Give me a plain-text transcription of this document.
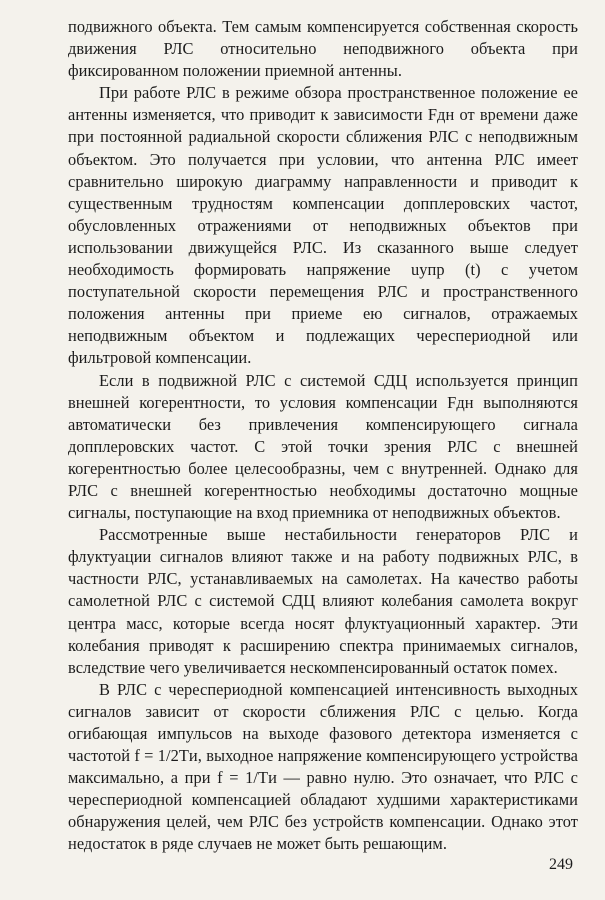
подвижного объекта. Тем самым компенсируется собственная скорость движения РЛС относительно неподвижного объекта при фиксированном положении приемной антенны.

При работе РЛС в режиме обзора пространственное положение ее антенны изменяется, что приводит к зависимости Fдн от времени даже при постоянной радиальной скорости сближения РЛС с неподвижным объектом. Это получается при условии, что антенна РЛС имеет сравнительно широкую диаграмму направленности и приводит к существенным трудностям компенсации допплеровских частот, обусловленных отражениями от неподвижных объектов при использовании движущейся РЛС. Из сказанного выше следует необходимость формировать напряжение uупр (t) с учетом поступательной скорости перемещения РЛС и пространственного положения антенны при приеме ею сигналов, отражаемых неподвижным объектом и подлежащих череспериодной или фильтровой компенсации.

Если в подвижной РЛС с системой СДЦ используется принцип внешней когерентности, то условия компенсации Fдн выполняются автоматически без привлечения компенсирующего сигнала допплеровских частот. С этой точки зрения РЛС с внешней когерентностью более целесообразны, чем с внутренней. Однако для РЛС с внешней когерентностью необходимы достаточно мощные сигналы, поступающие на вход приемника от неподвижных объектов.

Рассмотренные выше нестабильности генераторов РЛС и флуктуации сигналов влияют также и на работу подвижных РЛС, в частности РЛС, устанавливаемых на самолетах. На качество работы самолетной РЛС с системой СДЦ влияют колебания самолета вокруг центра масс, которые всегда носят флуктуационный характер. Эти колебания приводят к расширению спектра принимаемых сигналов, вследствие чего увеличивается нескомпенсированный остаток помех.

В РЛС с череспериодной компенсацией интенсивность выходных сигналов зависит от скорости сближения РЛС с целью. Когда огибающая импульсов на выходе фазового детектора изменяется с частотой f = 1/2Tи, выходное напряжение компенсирующего устройства максимально, а при f = 1/Tи — равно нулю. Это означает, что РЛС с череспериодной компенсацией обладают худшими характеристиками обнаружения целей, чем РЛС без устройств компенсации. Однако этот недостаток в ряде случаев не может быть решающим.

249
